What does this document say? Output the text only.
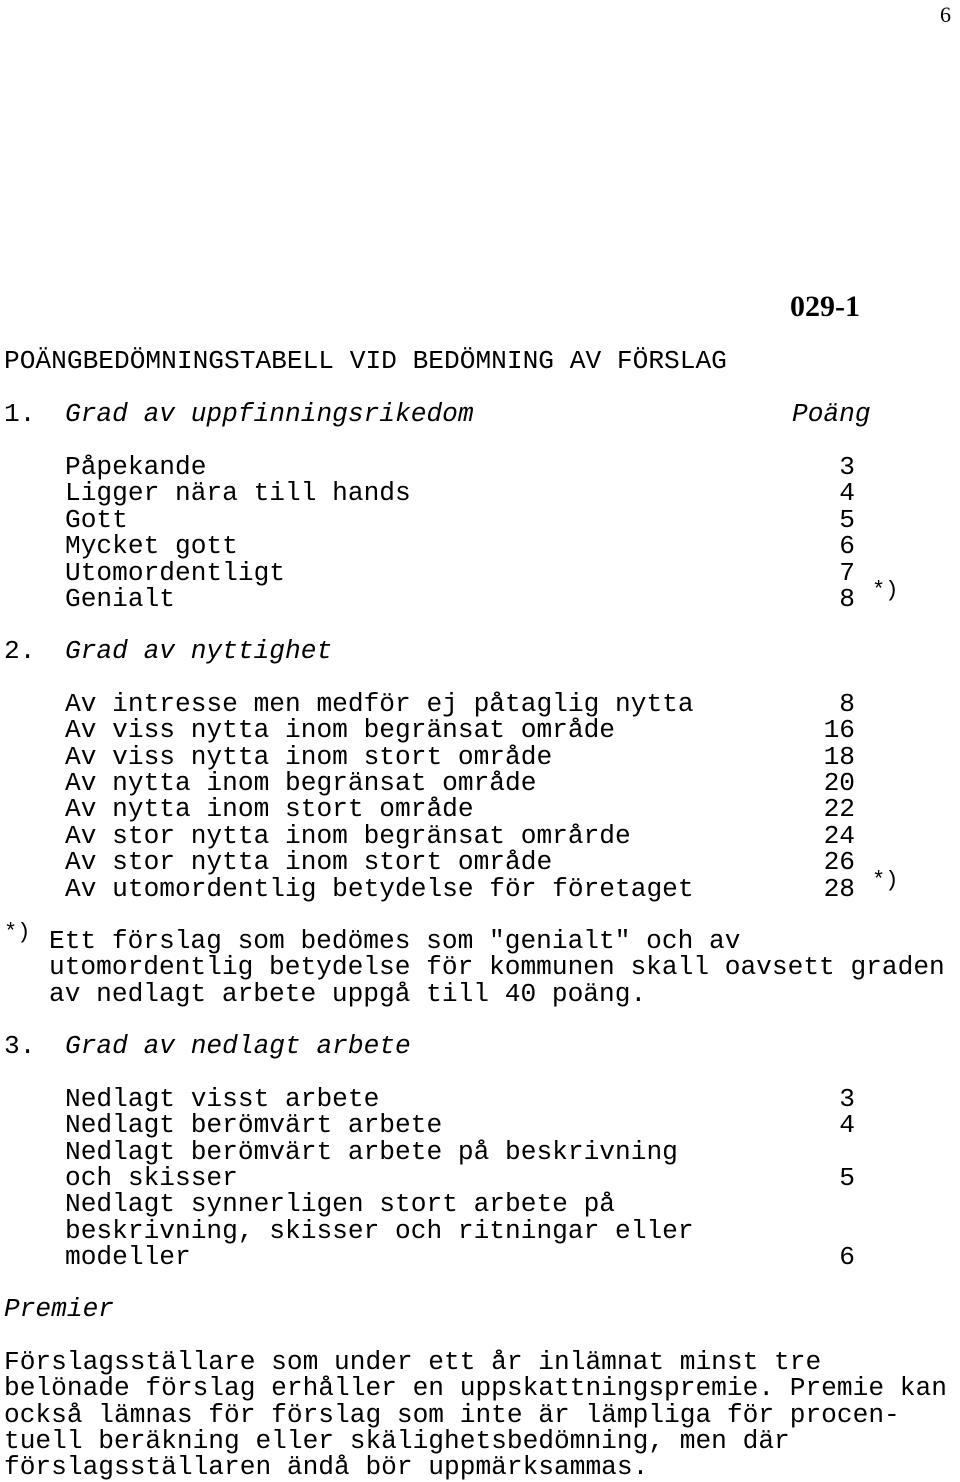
6
029-1
POÄNGBEDÖMNINGSTABELL VID BEDÖMNING AV FÖRSLAG
1. Grad av uppfinningsrikedom	Poäng
Påpekande	3
Ligger nära till hands	4
Gott	5
Mycket gott	6
Utomordentligt	7
Genialt	8 *)
2. Grad av nyttighet
Av intresse men medför ej påtaglig nytta	8
Av viss nytta inom begränsat område	16
Av viss nytta inom stort område	18
Av nytta inom begränsat område	20
Av nytta inom stort område	22
Av stor nytta inom begränsat områrde	24
Av stor nytta inom stort område	26
Av utomordentlig betydelse för företaget	28 *)
*) Ett förslag som bedömes som "genialt" och av
utomordentlig betydelse för kommunen skall oavsett graden
av nedlagt arbete uppgå till 40 poäng.
3. Grad av nedlagt arbete
Nedlagt visst arbete	3
Nedlagt berömvärt arbete	4
Nedlagt berömvärt arbete på beskrivning
och skisser	5
Nedlagt synnerligen stort arbete på
beskrivning, skisser och ritningar eller
modeller	6
Premier
Förslagsställare som under ett år inlämnat minst tre
belönade förslag erhåller en uppskattningspremie. Premie kan
också lämnas för förslag som inte är lämpliga för procen-
tuell beräkning eller skälighetsbedömning, men där
förslagsställaren ändå bör uppmärksammas.
